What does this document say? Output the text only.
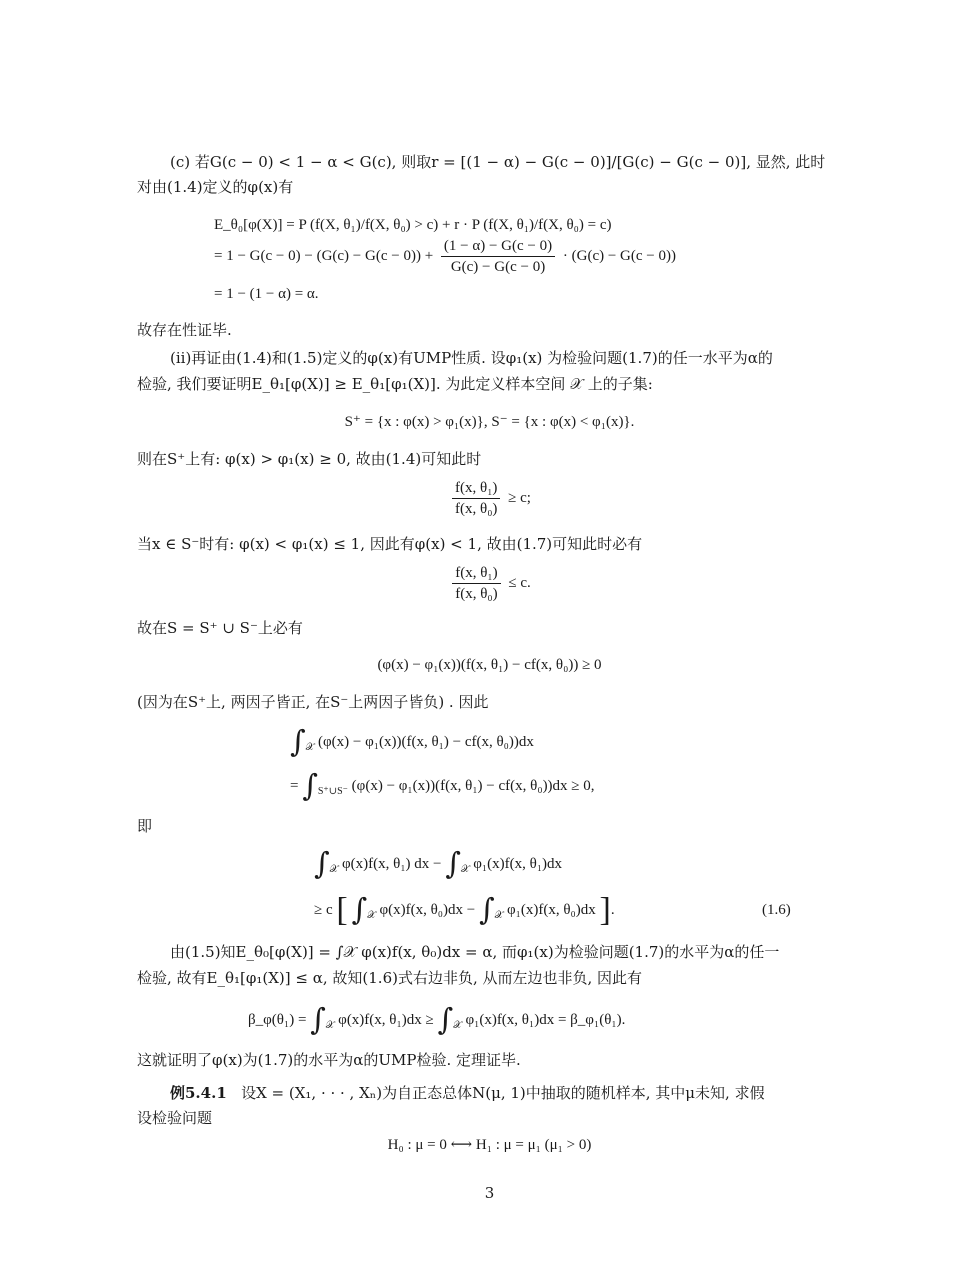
(c) 若G(c − 0) < 1 − α < G(c), 则取r = [(1 − α) − G(c − 0)]/[G(c) − G(c − 0)], 显然, 此时
对由(1.4)定义的φ(x)有
E_θ₀[φ(X)] = P (f(X, θ₁)/f(X, θ₀) > c) + r · P (f(X, θ₁)/f(X, θ₀) = c)
= $1 - G(c - 0) - (G(c) - G(c - 0)) + \frac{(1 - \alpha) - G(c - 0)}{G(c) - G(c - 0)} \cdot (G(c) - G(c - 0))$
= 1 − (1 − α) = α.
故存在性证毕.
(ii)再证由(1.4)和(1.5)定义的φ(x)有UMP性质. 设φ₁(x) 为检验问题(1.7)的任一水平为α的
检验, 我们要证明E_θ₁[φ(X)] ≥ E_θ₁[φ₁(X)]. 为此定义样本空间 𝒳 上的子集:
S⁺ = {x : φ(x) > φ₁(x)}, S⁻ = {x : φ(x) < φ₁(x)}.
则在S⁺上有: φ(x) > φ₁(x) ≥ 0, 故由(1.4)可知此时
$\frac{\text{f(x, θ₁)}}{\text{f(x, θ₀)}} \ge c$;
当x ∈ S⁻时有: φ(x) < φ₁(x) ≤ 1, 因此有φ(x) < 1, 故由(1.7)可知此时必有
$\frac{\text{f(x, θ₁)}}{\text{f(x, θ₀)}} \le c$.
故在S = S⁺ ∪ S⁻上必有
(φ(x) − φ₁(x))(f(x, θ₁) − cf(x, θ₀)) ≥ 0
(因为在S⁺上, 两因子皆正, 在S⁻上两因子皆负) . 因此
$\int_𝒳$ (φ(x) − φ₁(x))(f(x, θ₁) − cf(x, θ₀))dx
= $\int_{S^+\cup S^-}$ (φ(x) − φ₁(x))(f(x, θ₁) − cf(x, θ₀))dx ≥ 0,
即
$\int_𝒳$ φ(x)f(x, θ₁) dx − $\int_𝒳$ φ₁(x)f(x, θ₁)dx
≥ c [ $\int_𝒳$ φ(x)f(x, $\theta_0)dx - \int_𝒳$ φ₁(x)f(x, θ₀)dx ].	(1.6)
由(1.5)知E_θ₀[φ(X)] = ∫𝒳 φ(x)f(x, θ₀)dx = α, 而φ₁(x)为检验问题(1.7)的水平为α的任一
检验, 故有E_θ₁[φ₁(X)] ≤ α, 故知(1.6)式右边非负, 从而左边也非负, 因此有
β_φ(θ₁) = $\int_𝒳$ φ(x)f(x, $\theta_1)dx \ge \int_𝒳$ φ₁(x)f(x, θ₁)dx = β_φ₁(θ₁).
这就证明了φ(x)为(1.7)的水平为α的UMP检验. 定理证毕.
例5.4.1 设X = (X₁, · · · , Xₙ)为自正态总体N(μ, 1)中抽取的随机样本, 其中μ未知, 求假
设检验问题
H₀ : μ = 0 ⟷ H₁ : μ = μ₁ (μ₁ > 0)
3
